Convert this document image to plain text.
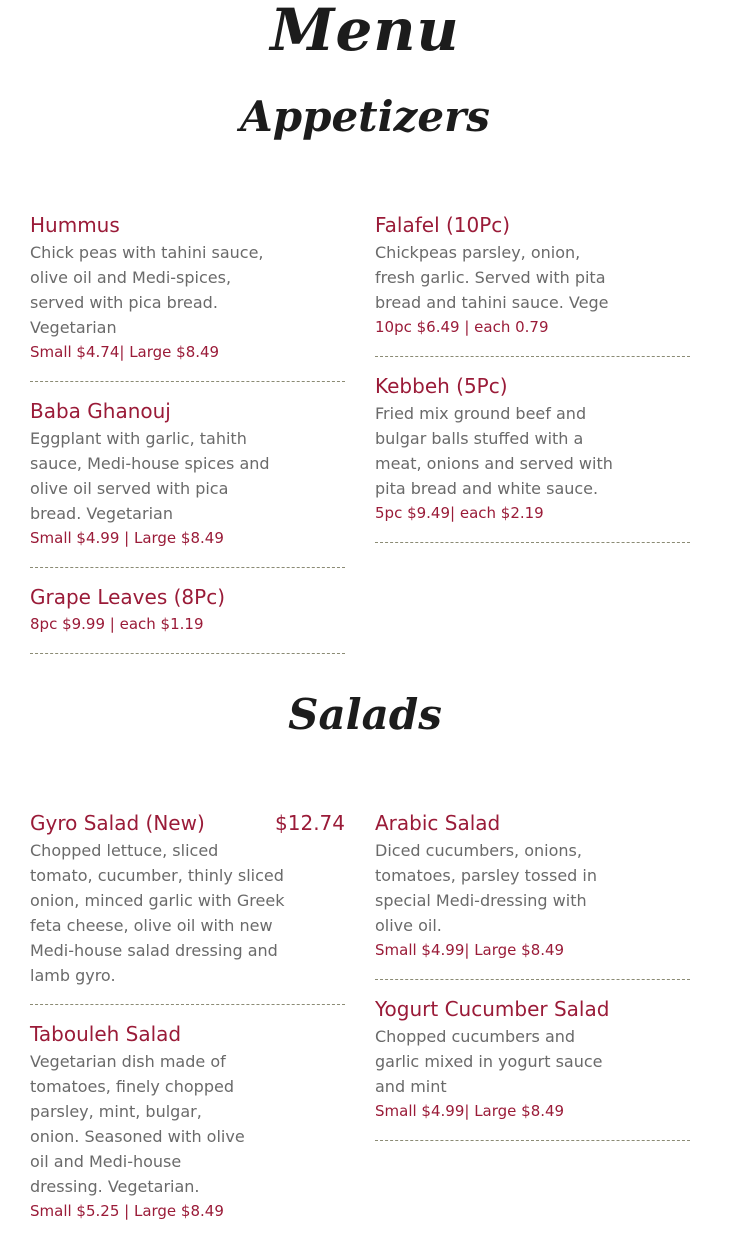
Menu
Appetizers

Hummus

Chick peas with tahini sauce, olive oil and Medi-spices, served with pica bread. Vegetarian

Small $4.74| Large $8.49

Falafel (10Pc)

Chickpeas parsley, onion, fresh garlic. Served with pita bread and tahini sauce. Vege

10pc $6.49 | each 0.79

Baba Ghanouj

Eggplant with garlic, tahith sauce, Medi-house spices and olive oil served with pica bread. Vegetarian

Small $4.99 | Large $8.49

Kebbeh (5Pc)

Fried mix ground beef and bulgar balls stuffed with a meat, onions and served with pita bread and white sauce.

5pc $9.49| each $2.19

Grape Leaves (8Pc)

8pc $9.99 | each $1.19

Salads

Gyro Salad (New)	$12.74

Chopped lettuce, sliced tomato, cucumber, thinly sliced onion, minced garlic with Greek feta cheese, olive oil with new Medi-house salad dressing and lamb gyro.

Arabic Salad

Diced cucumbers, onions, tomatoes, parsley tossed in special Medi-dressing with olive oil.

Small $4.99| Large $8.49

Tabouleh Salad

Vegetarian dish made of tomatoes, finely chopped parsley, mint, bulgar, onion. Seasoned with olive oil and Medi-house dressing. Vegetarian.

Small $5.25 | Large $8.49

Yogurt Cucumber Salad

Chopped cucumbers and garlic mixed in yogurt sauce and mint

Small $4.99| Large $8.49
